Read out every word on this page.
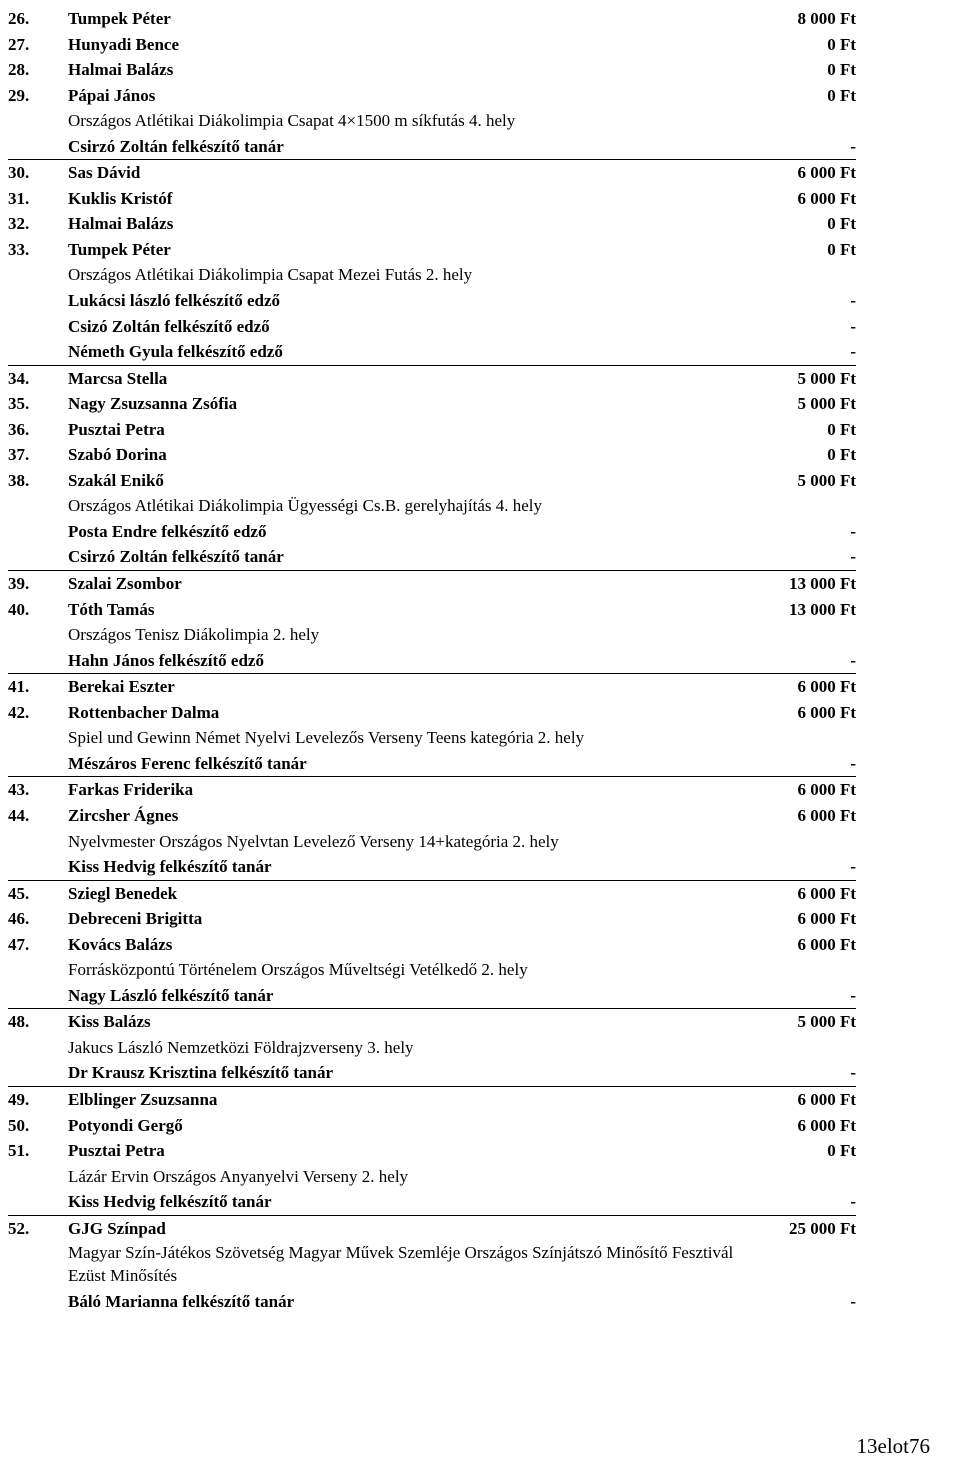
26.	Tumpek Péter	8 000 Ft
27.	Hunyadi Bence	0 Ft
28.	Halmai Balázs	0 Ft
29.	Pápai János	0 Ft
Országos Atlétikai Diákolimpia Csapat 4×1500 m síkfutás 4. hely
Csirzó Zoltán felkészítő tanár	-
30.	Sas Dávid	6 000 Ft
31.	Kuklis Kristóf	6 000 Ft
32.	Halmai Balázs	0 Ft
33.	Tumpek Péter	0 Ft
Országos Atlétikai Diákolimpia Csapat Mezei Futás 2. hely
Lukácsi lászló felkészítő edző	-
Csizó Zoltán felkészítő edző	-
Németh Gyula felkészítő edző	-
34.	Marcsa Stella	5 000 Ft
35.	Nagy Zsuzsanna Zsófia	5 000 Ft
36.	Pusztai Petra	0 Ft
37.	Szabó Dorina	0 Ft
38.	Szakál Enikő	5 000 Ft
Országos Atlétikai Diákolimpia Ügyességi Cs.B. gerelyhajítás 4. hely
Posta Endre felkészítő edző	-
Csirzó Zoltán felkészítő tanár	-
39.	Szalai Zsombor	13 000 Ft
40.	Tóth Tamás	13 000 Ft
Országos Tenisz Diákolimpia 2. hely
Hahn János felkészítő edző	-
41.	Berekai Eszter	6 000 Ft
42.	Rottenbacher Dalma	6 000 Ft
Spiel und Gewinn Német Nyelvi Levelezős Verseny Teens kategória 2. hely
Mészáros Ferenc felkészítő tanár	-
43.	Farkas Friderika	6 000 Ft
44.	Zircsher Ágnes	6 000 Ft
Nyelvmester Országos Nyelvtan Levelező Verseny 14+kategória 2. hely
Kiss Hedvig felkészítő tanár	-
45.	Sziegl Benedek	6 000 Ft
46.	Debreceni Brigitta	6 000 Ft
47.	Kovács Balázs	6 000 Ft
Forrásközpontú Történelem Országos Műveltségi Vetélkedő 2. hely
Nagy László felkészítő tanár	-
48.	Kiss Balázs	5 000 Ft
Jakucs László Nemzetközi Földrajzverseny 3. hely
Dr Krausz Krisztina felkészítő tanár	-
49.	Elblinger Zsuzsanna	6 000 Ft
50.	Potyondi Gergő	6 000 Ft
51.	Pusztai Petra	0 Ft
Lázár Ervin Országos Anyanyelvi Verseny 2. hely
Kiss Hedvig felkészítő tanár	-
52.	GJG Színpad	25 000 Ft
Magyar Szín-Játékos Szövetség Magyar Művek Szemléje Országos Színjátszó Minősítő Fesztivál Ezüst Minősítés
Báló Marianna felkészítő tanár	-
13elot76
